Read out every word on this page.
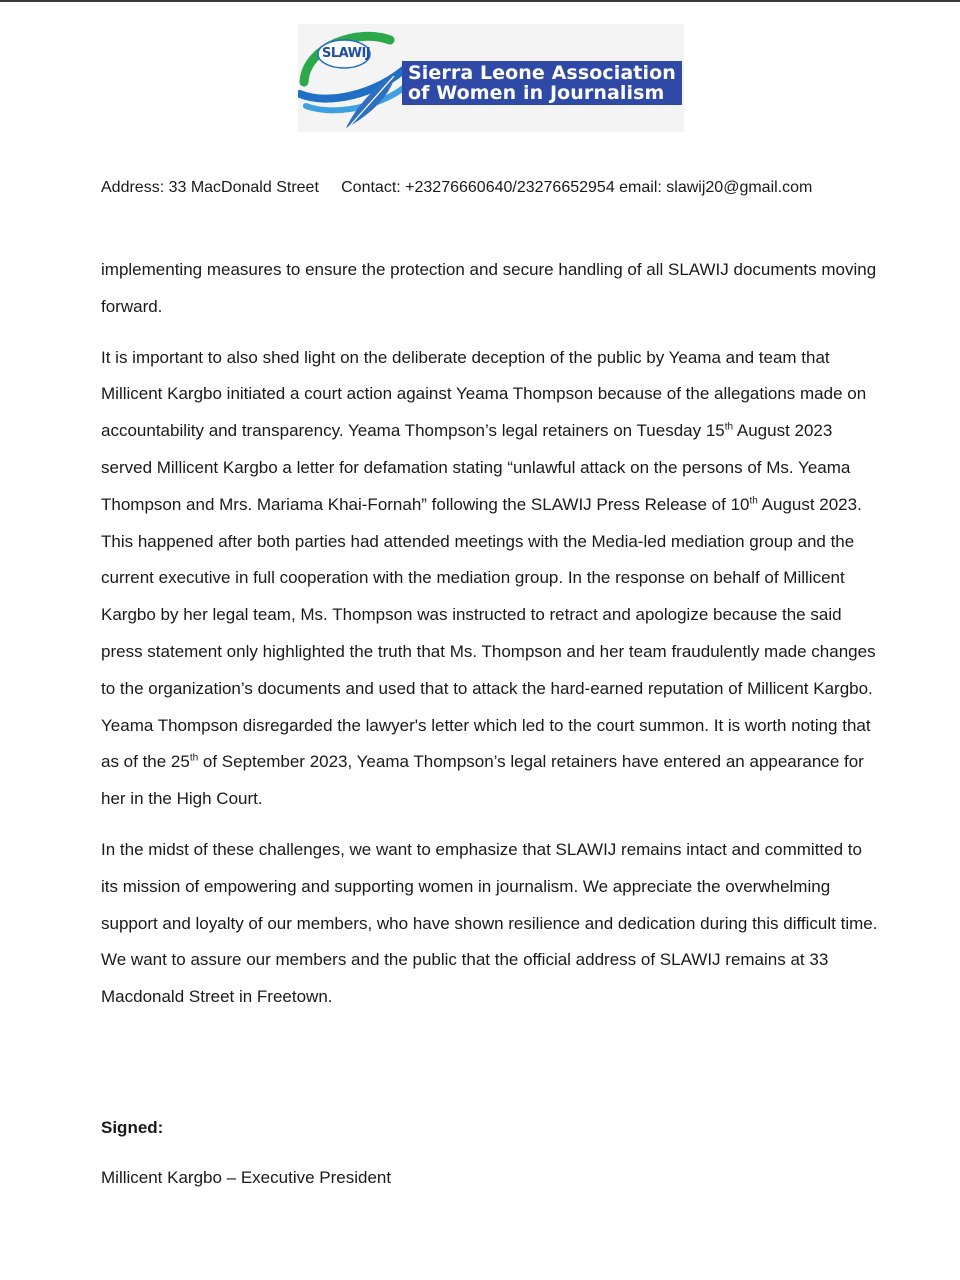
SLAWIJ
Sierra Leone Association
of Women in Journalism
Address: 33 MacDonald Street Contact: +23276660640/23276652954 email: slawij20@gmail.com

implementing measures to ensure the protection and secure handling of all SLAWIJ documents moving forward.

It is important to also shed light on the deliberate deception of the public by Yeama and team that Millicent Kargbo initiated a court action against Yeama Thompson because of the allegations made on accountability and transparency. Yeama Thompson’s legal retainers on Tuesday 15th August 2023 served Millicent Kargbo a letter for defamation stating “unlawful attack on the persons of Ms. Yeama Thompson and Mrs. Mariama Khai-Fornah” following the SLAWIJ Press Release of 10th August 2023. This happened after both parties had attended meetings with the Media-led mediation group and the current executive in full cooperation with the mediation group. In the response on behalf of Millicent Kargbo by her legal team, Ms. Thompson was instructed to retract and apologize because the said press statement only highlighted the truth that Ms. Thompson and her team fraudulently made changes to the organization’s documents and used that to attack the hard-earned reputation of Millicent Kargbo. Yeama Thompson disregarded the lawyer's letter which led to the court summon. It is worth noting that as of the 25th of September 2023, Yeama Thompson’s legal retainers have entered an appearance for her in the High Court.

In the midst of these challenges, we want to emphasize that SLAWIJ remains intact and committed to its mission of empowering and supporting women in journalism. We appreciate the overwhelming support and loyalty of our members, who have shown resilience and dedication during this difficult time. We want to assure our members and the public that the official address of SLAWIJ remains at 33 Macdonald Street in Freetown.

Signed:
Millicent Kargbo – Executive President
